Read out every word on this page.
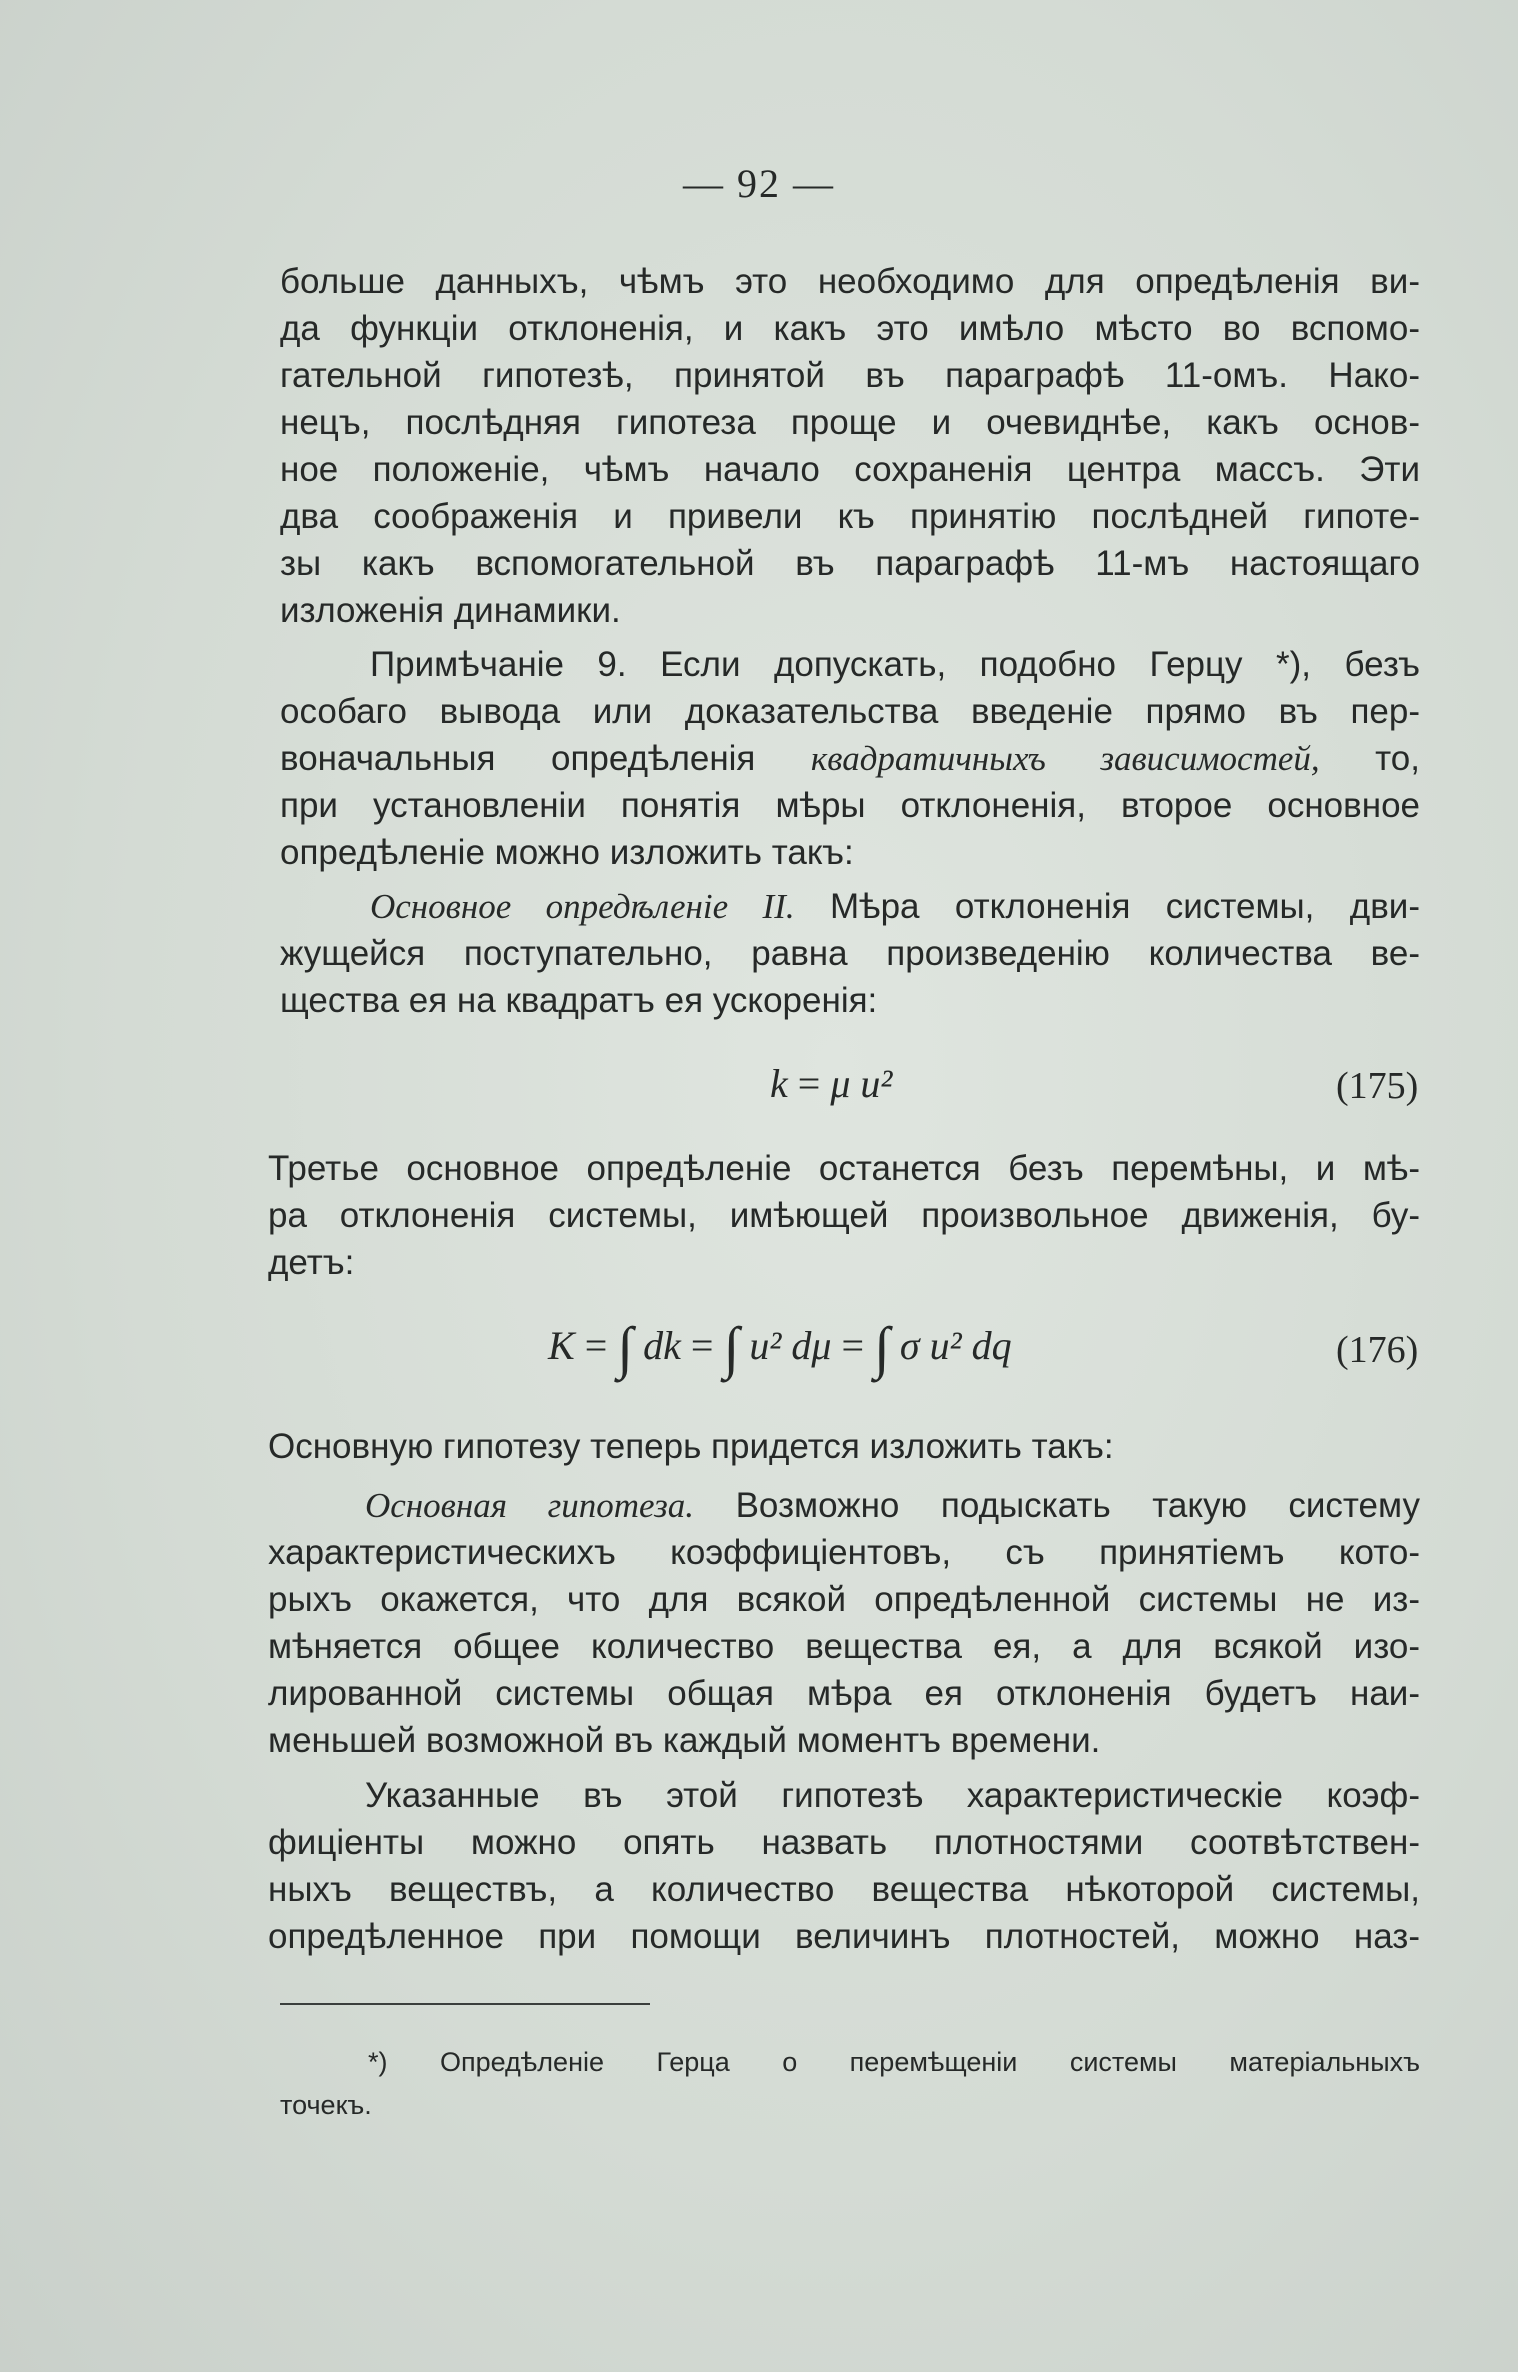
— 92 —
больше данныхъ, чѣмъ это необходимо для опредѣленія ви-
да функціи отклоненія, и какъ это имѣло мѣсто во вспомо-
гательной гипотезѣ, принятой въ параграфѣ 11-омъ. Нако-
нецъ, послѣдняя гипотеза проще и очевиднѣе, какъ основ-
ное положеніе, чѣмъ начало сохраненія центра массъ. Эти
два соображенія и привели къ принятію послѣдней гипоте-
зы какъ вспомогательной въ параграфѣ 11-мъ настоящаго
изложенія динамики.
Примѣчаніе 9. Если допускать, подобно Герцу *), безъ
особаго вывода или доказательства введеніе прямо въ пер-
воначальныя опредѣленія квадратичныхъ зависимостей, то,
при установленіи понятія мѣры отклоненія, второе основное
опредѣленіе можно изложить такъ:
Основное опредѣленіе II. Мѣра отклоненія системы, дви-
жущейся поступательно, равна произведенію количества ве-
щества ея на квадратъ ея ускоренія:
k = μ u²	(175)
Третье основное опредѣленіе останется безъ перемѣны, и мѣ-
ра отклоненія системы, имѣющей произвольное движенія, бу-
детъ:
K = ∫ dk = ∫ u² dμ = ∫ σ u² dq	(176)
Основную гипотезу теперь придется изложить такъ:
Основная гипотеза. Возможно подыскать такую систему
характеристическихъ коэффиціентовъ, съ принятіемъ кото-
рыхъ окажется, что для всякой опредѣленной системы не из-
мѣняется общее количество вещества ея, а для всякой изо-
лированной системы общая мѣра ея отклоненія будетъ наи-
меньшей возможной въ каждый моментъ времени.
Указанные въ этой гипотезѣ характеристическіе коэф-
фиціенты можно опять назвать плотностями соотвѣтствен-
ныхъ веществъ, а количество вещества нѣкоторой системы,
опредѣленное при помощи величинъ плотностей, можно наз-
*) Опредѣленіе Герца о перемѣщеніи системы матеріальныхъ
точекъ.
